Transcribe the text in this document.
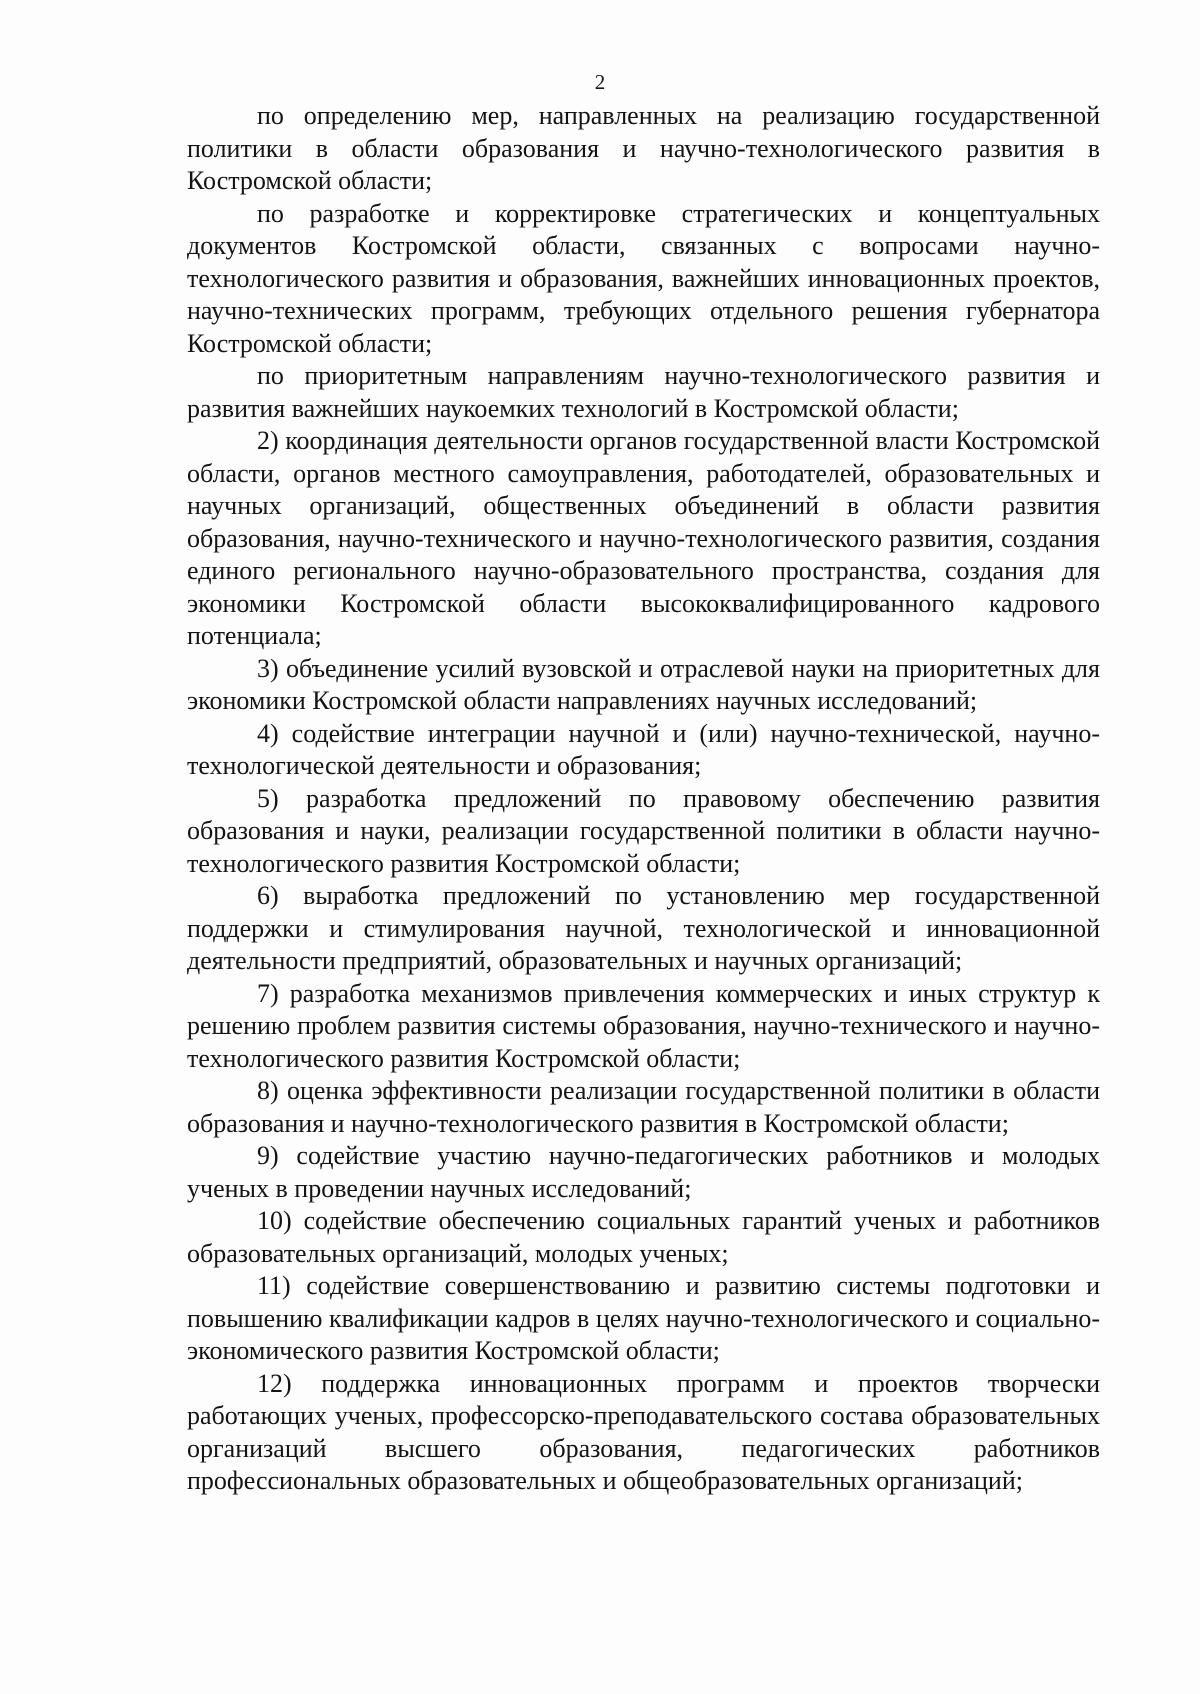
2

по определению мер, направленных на реализацию государственной политики в области образования и научно-технологического развития в Костромской области;

по разработке и корректировке стратегических и концептуальных документов Костромской области, связанных с вопросами научно-технологического развития и образования, важнейших инновационных проектов, научно-технических программ, требующих отдельного решения губернатора Костромской области;

по приоритетным направлениям научно-технологического развития и развития важнейших наукоемких технологий в Костромской области;

2) координация деятельности органов государственной власти Костромской области, органов местного самоуправления, работодателей, образовательных и научных организаций, общественных объединений в области развития образования, научно-технического и научно-технологического развития, создания единого регионального научно-образовательного пространства, создания для экономики Костромской области высококвалифицированного кадрового потенциала;

3) объединение усилий вузовской и отраслевой науки на приоритетных для экономики Костромской области направлениях научных исследований;

4) содействие интеграции научной и (или) научно-технической, научно-технологической деятельности и образования;

5) разработка предложений по правовому обеспечению развития образования и науки, реализации государственной политики в области научно-технологического развития Костромской области;

6) выработка предложений по установлению мер государственной поддержки и стимулирования научной, технологической и инновационной деятельности предприятий, образовательных и научных организаций;

7) разработка механизмов привлечения коммерческих и иных структур к решению проблем развития системы образования, научно-технического и научно-технологического развития Костромской области;

8) оценка эффективности реализации государственной политики в области образования и научно-технологического развития в Костромской области;

9) содействие участию научно-педагогических работников и молодых ученых в проведении научных исследований;

10) содействие обеспечению социальных гарантий ученых и работников образовательных организаций, молодых ученых;

11) содействие совершенствованию и развитию системы подготовки и повышению квалификации кадров в целях научно-технологического и социально-экономического развития Костромской области;

12) поддержка инновационных программ и проектов творчески работающих ученых, профессорско-преподавательского состава образовательных организаций высшего образования, педагогических работников профессиональных образовательных и общеобразовательных организаций;
